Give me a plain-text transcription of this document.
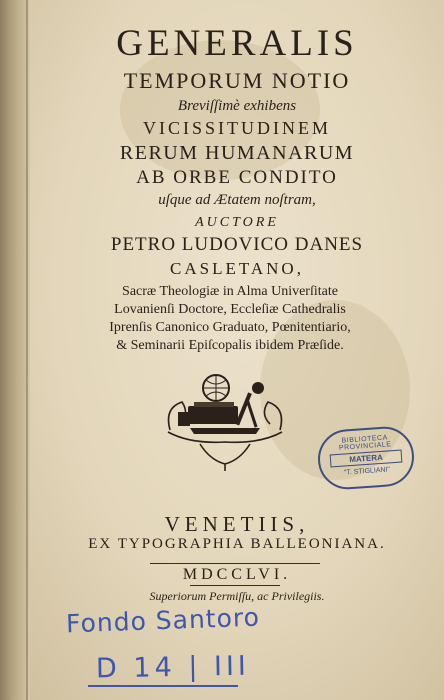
GENERALIS
TEMPORUM NOTIO
Breviſſimè exhibens
VICISSITUDINEM
RERUM HUMANARUM
AB ORBE CONDITO
uſque ad Ætatem noſtram,
AUCTORE
PETRO LUDOVICO DANES
CASLETANO,
Sacræ Theologiæ in Alma Univerſitate
Lovanienſi Doctore, Eccleſiæ Cathedralis
Iprenſis Canonico Graduato, Pœnitentiario,
& Seminarii Epiſcopalis ibidem Præſide.
BIBLIOTECA PROVINCIALE
MATERA
"T. STIGLIANI"
VENETIIS,
EX TYPOGRAPHIA BALLEONIANA.
MDCCLVI.
Superiorum Permiſſu, ac Privilegiis.
Fondo Santoro
D 14 | III
